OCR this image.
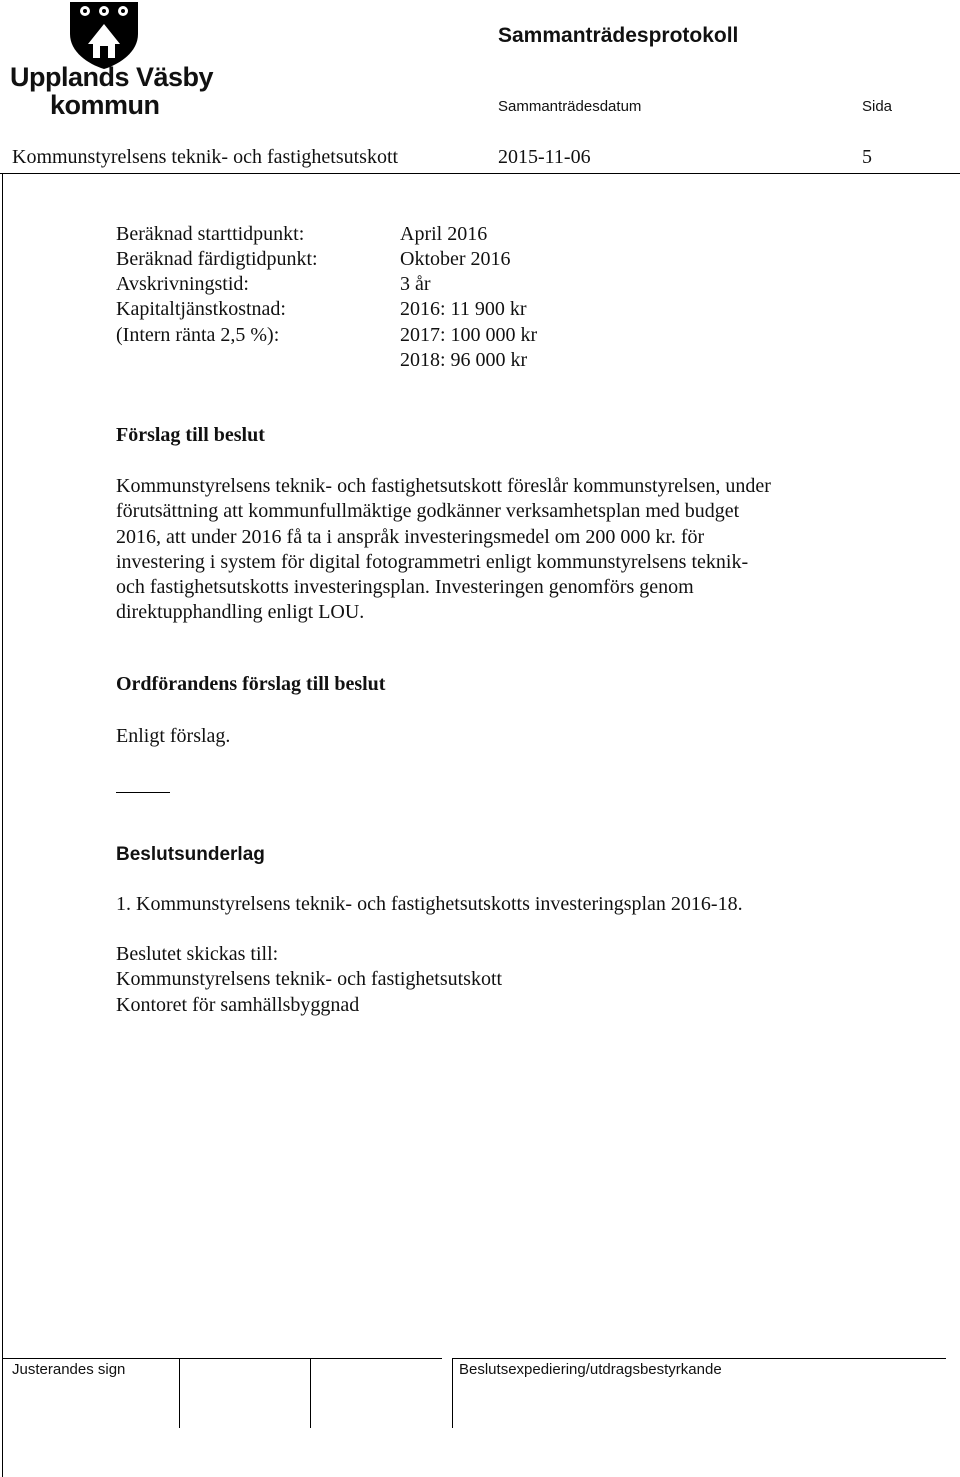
Upplands Väsby
kommun
Sammanträdesprotokoll
Sammanträdesdatum	Sida
Kommunstyrelsens teknik- och fastighetsutskott	2015-11-06	5
Beräknad starttidpunkt:	April 2016
Beräknad färdigtidpunkt:	Oktober 2016
Avskrivningstid:	3 år
Kapitaltjänstkostnad:	2016: 11 900 kr
(Intern ränta 2,5 %):	2017: 100 000 kr
2018: 96 000 kr
Förslag till beslut

Kommunstyrelsens teknik- och fastighetsutskott föreslår kommunstyrelsen, under

förutsättning att kommunfullmäktige godkänner verksamhetsplan med budget

2016, att under 2016 få ta i anspråk investeringsmedel om 200 000 kr. för

investering i system för digital fotogrammetri enligt kommunstyrelsens teknik-

och fastighetsutskotts investeringsplan. Investeringen genomförs genom

direktupphandling enligt LOU.

Ordförandens förslag till beslut
Enligt förslag.
Beslutsunderlag
1. Kommunstyrelsens teknik- och fastighetsutskotts investeringsplan 2016-18.
Beslutet skickas till:
Kommunstyrelsens teknik- och fastighetsutskott
Kontoret för samhällsbyggnad
Justerandes sign	Beslutsexpediering/utdragsbestyrkande
